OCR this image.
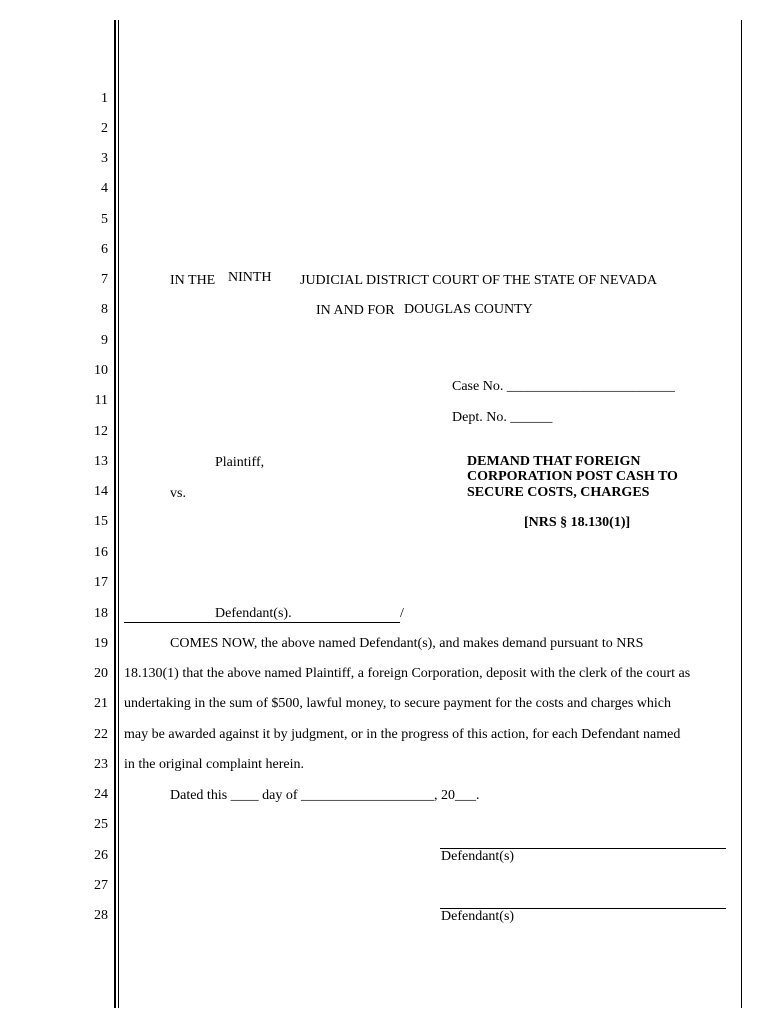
1
2
3
4
5
6
7
8
9
10
11
12
13
14
15
16
17
18
19
20
21
22
23
24
25
26
27
28
IN THE NINTH JUDICIAL DISTRICT COURT OF THE STATE OF NEVADA
IN AND FOR DOUGLAS COUNTY
Case No. ________________________
Dept. No. ______
Plaintiff,
vs.
DEMAND THAT FOREIGN
CORPORATION POST CASH TO
SECURE COSTS, CHARGES
[NRS § 18.130(1)]
Defendant(s).	/
COMES NOW, the above named Defendant(s), and makes demand pursuant to NRS
18.130(1) that the above named Plaintiff, a foreign Corporation, deposit with the clerk of the court as
undertaking in the sum of $500, lawful money, to secure payment for the costs and charges which
may be awarded against it by judgment, or in the progress of this action, for each Defendant named
in the original complaint herein.
Dated this ____ day of ___________________, 20___.
Defendant(s)
Defendant(s)
